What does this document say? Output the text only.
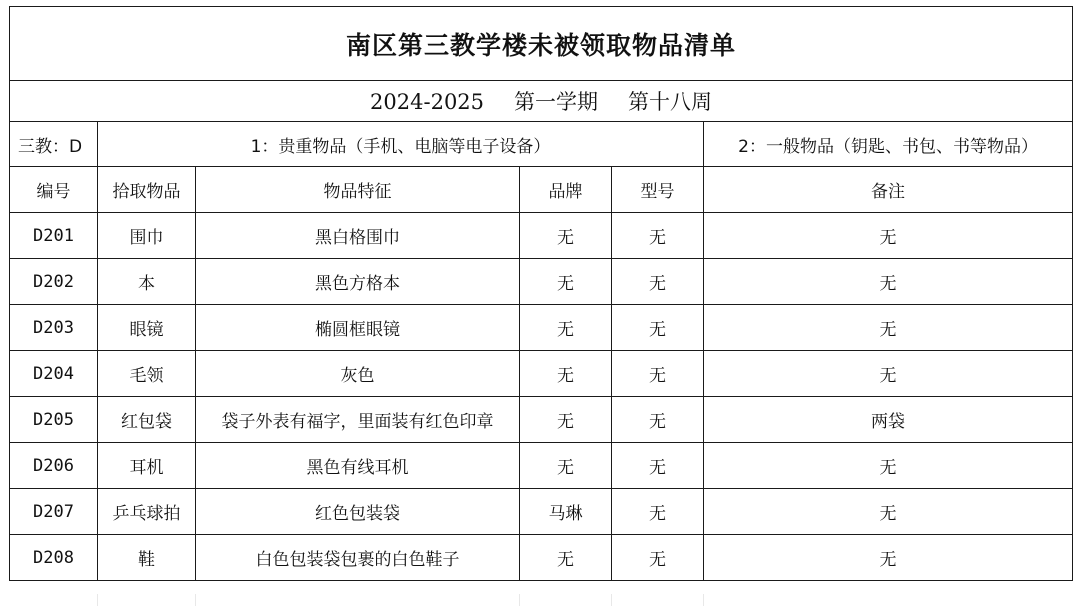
南区第三教学楼未被领取物品清单					
2024-2025 第一学期 第十八周					
三教：D	1：贵重物品（手机、电脑等电子设备）				2：一般物品（钥匙、书包、书等物品）
编号	拾取物品	物品特征	品牌	型号	备注
D201	围巾	黑白格围巾	无	无	无
D202	本	黑色方格本	无	无	无
D203	眼镜	椭圆框眼镜	无	无	无
D204	毛领	灰色	无	无	无
D205	红包袋	袋子外表有福字，里面装有红色印章	无	无	两袋
D206	耳机	黑色有线耳机	无	无	无
D207	乒乓球拍	红色包装袋	马琳	无	无
D208	鞋	白色包装袋包裹的白色鞋子	无	无	无
